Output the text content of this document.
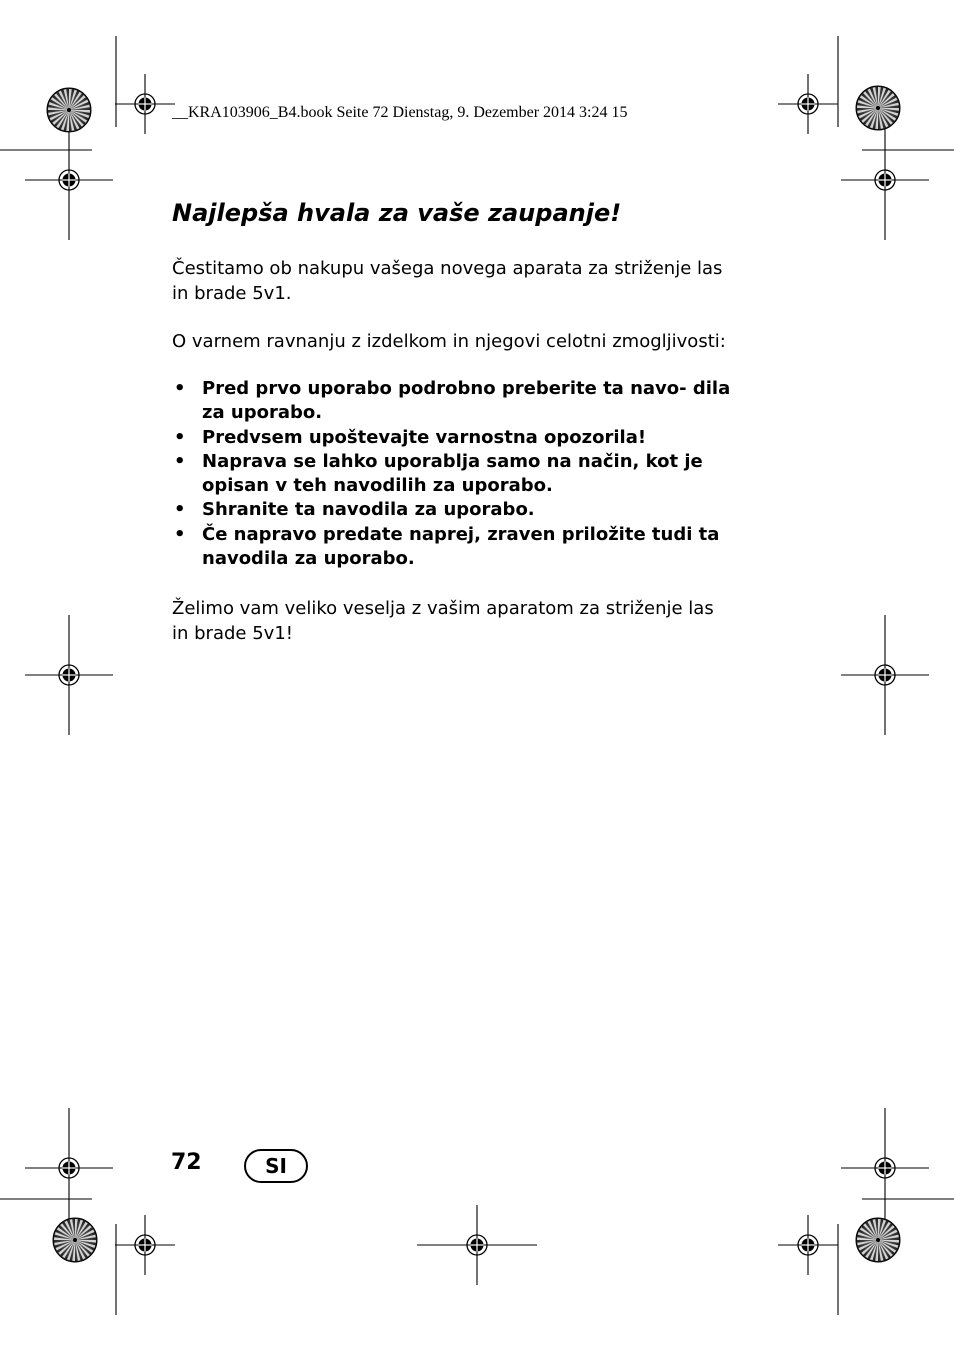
__KRA103906_B4.book Seite 72 Dienstag, 9. Dezember 2014 3:24 15
Najlepša hvala za vaše zaupanje!

Čestitamo ob nakupu vašega novega aparata za striženje las in brade 5v1.

O varnem ravnanju z izdelkom in njegovi celotni zmogljivosti:

• Pred prvo uporabo podrobno preberite ta navo- dila za uporabo.
• Predvsem upoštevajte varnostna opozorila!
• Naprava se lahko uporablja samo na način, kot je opisan v teh navodilih za uporabo.
• Shranite ta navodila za uporabo.
• Če napravo predate naprej, zraven priložite tudi ta navodila za uporabo.

Želimo vam veliko veselja z vašim aparatom za striženje las in brade 5v1!

72	SI
